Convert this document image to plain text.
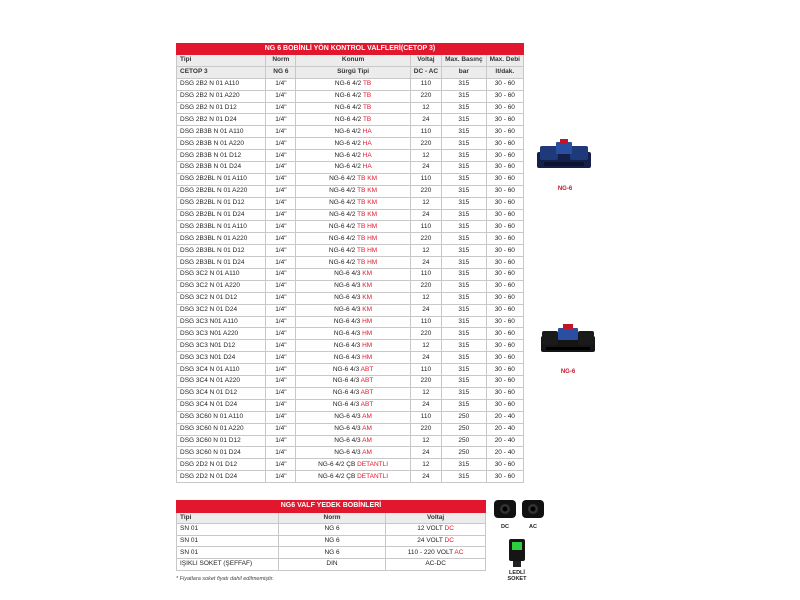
NG 6 BOBİNLİ YÖN KONTROL VALFLERİ(CETOP 3)					
Tipi	Norm	Konum	Voltaj	Max. Basınç	Max. Debi
CETOP 3	NG 6	Sürgü Tipi	DC - AC	bar	lt/dak.
DSG 2B2 N 01 A110	1/4"	NG-6 4/2 TB	110	315	30 - 60
DSG 2B2 N 01 A220	1/4"	NG-6 4/2 TB	220	315	30 - 60
DSG 2B2 N 01 D12	1/4"	NG-6 4/2 TB	12	315	30 - 60
DSG 2B2 N 01 D24	1/4"	NG-6 4/2 TB	24	315	30 - 60
DSG 2B3B N 01 A110	1/4"	NG-6 4/2 HA	110	315	30 - 60
DSG 2B3B N 01 A220	1/4"	NG-6 4/2 HA	220	315	30 - 60
DSG 2B3B N 01 D12	1/4"	NG-6 4/2 HA	12	315	30 - 60
DSG 2B3B N 01 D24	1/4"	NG-6 4/2 HA	24	315	30 - 60
DSG 2B2BL N 01 A110	1/4"	NG-6 4/2 TB KM	110	315	30 - 60
DSG 2B2BL N 01 A220	1/4"	NG-6 4/2 TB KM	220	315	30 - 60
DSG 2B2BL N 01 D12	1/4"	NG-6 4/2 TB KM	12	315	30 - 60
DSG 2B2BL N 01 D24	1/4"	NG-6 4/2 TB KM	24	315	30 - 60
DSG 2B3BL N 01 A110	1/4"	NG-6 4/2 TB HM	110	315	30 - 60
DSG 2B3BL N 01 A220	1/4"	NG-6 4/2 TB HM	220	315	30 - 60
DSG 2B3BL N 01 D12	1/4"	NG-6 4/2 TB HM	12	315	30 - 60
DSG 2B3BL N 01 D24	1/4"	NG-6 4/2 TB HM	24	315	30 - 60
DSG 3C2 N 01 A110	1/4"	NG-6 4/3 KM	110	315	30 - 60
DSG 3C2 N 01 A220	1/4"	NG-6 4/3 KM	220	315	30 - 60
DSG 3C2 N 01 D12	1/4"	NG-6 4/3 KM	12	315	30 - 60
DSG 3C2 N 01 D24	1/4"	NG-6 4/3 KM	24	315	30 - 60
DSG 3C3 N01 A110	1/4"	NG-6 4/3 HM	110	315	30 - 60
DSG 3C3 N01 A220	1/4"	NG-6 4/3 HM	220	315	30 - 60
DSG 3C3 N01 D12	1/4"	NG-6 4/3 HM	12	315	30 - 60
DSG 3C3 N01 D24	1/4"	NG-6 4/3 HM	24	315	30 - 60
DSG 3C4 N 01 A110	1/4"	NG-6 4/3 ABT	110	315	30 - 60
DSG 3C4 N 01 A220	1/4"	NG-6 4/3 ABT	220	315	30 - 60
DSG 3C4 N 01 D12	1/4"	NG-6 4/3 ABT	12	315	30 - 60
DSG 3C4 N 01 D24	1/4"	NG-6 4/3 ABT	24	315	30 - 60
DSG 3C60 N 01 A110	1/4"	NG-6 4/3 AM	110	250	20 - 40
DSG 3C60 N 01 A220	1/4"	NG-6 4/3 AM	220	250	20 - 40
DSG 3C60 N 01 D12	1/4"	NG-6 4/3 AM	12	250	20 - 40
DSG 3C60 N 01 D24	1/4"	NG-6 4/3 AM	24	250	20 - 40
DSG 2D2 N 01 D12	1/4"	NG-6 4/2 ÇB DETANTLI	12	315	30 - 60
DSG 2D2 N 01 D24	1/4"	NG-6 4/2 ÇB DETANTLI	24	315	30 - 60
NG-6
NG-6
NG6 VALF YEDEK BOBİNLERİ		
Tipi	Norm	Voltaj
SN 01	NG 6	12 VOLT DC
SN 01	NG 6	24 VOLT DC
SN 01	NG 6	110 - 220 VOLT AC
IŞIKLI SOKET (ŞEFFAF)	DIN	AC-DC
* Fiyatlara soket fiyatı dahil edilmemiştir.
DC	AC
LEDLİ
SOKET
